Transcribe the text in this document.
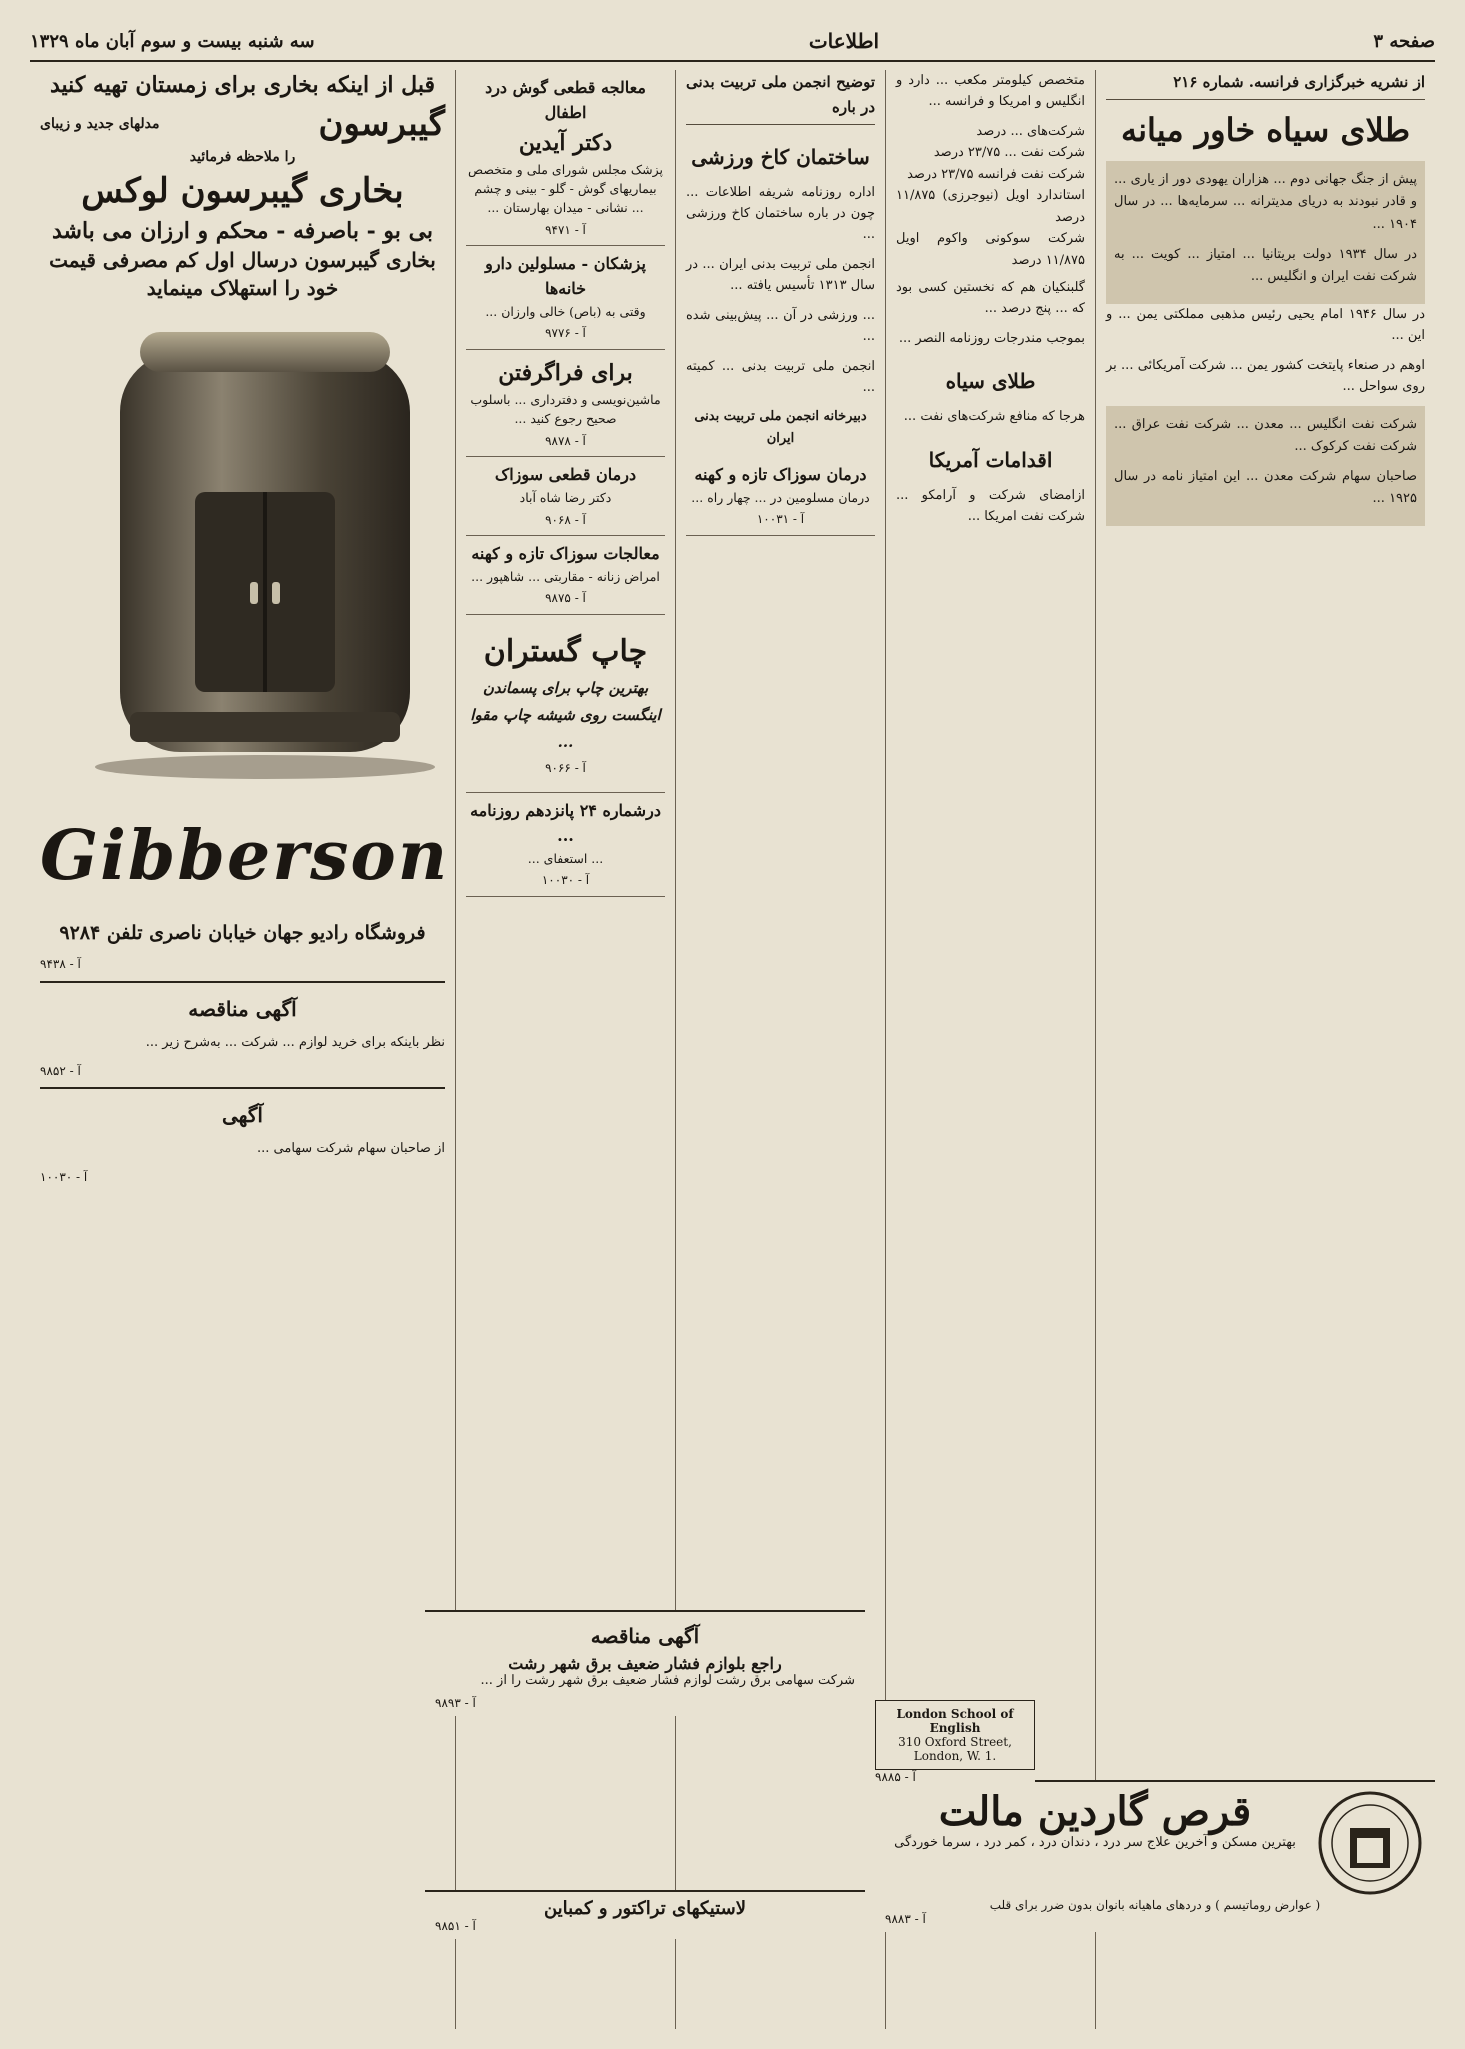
صفحه ۳
اطلاعات
سه شنبه بیست و سوم آبان ماه ۱۳۲۹
از نشریه خبرگزاری فرانسه. شماره ۲۱۶
طلای سیاه خاور میانه

پیش از جنگ جهانی دوم ... هزاران یهودی دور از یاری ... و قادر نبودند به دریای مدیترانه ... سرمایه‌ها ... در سال ۱۹۰۴ ...

در سال ۱۹۳۴ دولت بریتانیا ... امتیاز ... کویت ... به شرکت نفت ایران و انگلیس ...

در سال ۱۹۴۶ امام یحیی رئیس مذهبی مملکتی یمن ... و این ...

اوهم در صنعاء پایتخت کشور یمن ... شرکت آمریکائی ... بر روی سواحل ...

شرکت نفت انگلیس ... معدن ... شرکت نفت عراق ... شرکت نفت کرکوک ...

صاحبان سهام شرکت معدن ... این امتیاز نامه در سال ۱۹۲۵ ...

متخصص کیلومتر مکعب ... دارد و انگلیس و امریکا و فرانسه ...

شرکت‌های ... درصد
شرکت نفت ... ۲۳/۷۵ درصد
شرکت نفت فرانسه ۲۳/۷۵ درصد
استاندارد اویل (نیوجرزی) ۱۱/۸۷۵ درصد
شرکت سوکونی واکوم اویل ۱۱/۸۷۵ درصد

گلبنکیان هم که نخستین کسی بود که ... پنج درصد ...

بموجب مندرجات روزنامه النصر ...

طلای سیاه

هرجا که منافع شرکت‌های نفت ...

اقدامات آمریکا

ازامضای شرکت و آرامکو ... شرکت نفت امریکا ...

توضیح انجمن ملی تربیت بدنی در باره
ساختمان کاخ ورزشی

اداره روزنامه شریفه اطلاعات ... چون در باره ساختمان کاخ ورزشی ...

انجمن ملی تربیت بدنی ایران ... در سال ۱۳۱۳ تأسیس یافته ...

... ورزشی در آن ... پیش‌بینی شده ...

انجمن ملی تربیت بدنی ... کمیته ...

دبیرخانه انجمن ملی تربیت بدنی ایران
درمان سوزاک تازه و کهنه
درمان مسلومین در ... چهار راه ...
آ - ۱۰۰۳۱
معالجه قطعی گوش درد اطفال
دکتر آیدین
پزشک مجلس شورای ملی و متخصص بیماریهای گوش - گلو - بینی و چشم ... نشانی - میدان بهارستان ...
آ - ۹۴۷۱
پزشکان - مسلولین دارو خانه‌ها
وقتی به (باص) خالی وارزان ...
آ - ۹۷۷۶
برای فراگرفتن
ماشین‌نویسی و دفترداری ... باسلوب صحیح رجوع کنید ...
آ - ۹۸۷۸
درمان قطعی سوزاک
دکتر رضا شاه آباد
آ - ۹۰۶۸
معالجات سوزاک تازه و کهنه
امراض زنانه - مقاربتی ... شاهپور ...
آ - ۹۸۷۵
چاپ گستران
بهترین چاپ برای پسماندن اینگست روی شیشه چاپ مقوا ...
آ - ۹۰۶۶
درشماره ۲۴ پانزدهم روزنامه ...
... استعفای ...
آ - ۱۰۰۳۰
قبل از اینکه بخاری برای زمستان تهیه کنید
گیبرسون
مدلهای جدید و زیبای
را ملاحظه فرمائید
بخاری گیبرسون لوکس
بی بو - باصرفه - محکم و ارزان می باشد
بخاری گیبرسون درسال اول کم مصرفی قیمت خود را استهلاک مینماید
Gibberson
فروشگاه رادیو جهان خیابان ناصری تلفن ۹۲۸۴
آ - ۹۴۳۸
آگهی مناقصه

نظر باینکه برای خرید لوازم ... شرکت ... به‌شرح زیر ...

آ - ۹۸۵۲
آگهی

از صاحبان سهام شرکت سهامی ...

آ - ۱۰۰۳۰
آگهی مناقصه
راجع بلوازم فشار ضعیف برق شهر رشت

شرکت سهامی برق رشت لوازم فشار ضعیف برق شهر رشت را از ...

آ - ۹۸۹۳
لاستیکهای تراکتور و کمباین
آ - ۹۸۵۱
قرص گاردین مالت
بهترین مسکن و آخرین علاج سر درد ، دندان درد ، کمر درد ، سرما خوردگی
( عوارض روماتیسم ) و دردهای ماهیانه بانوان بدون ضرر برای قلب
آ - ۹۸۸۳
London School of English
310 Oxford Street, London, W. 1.
آ - ۹۸۸۵
